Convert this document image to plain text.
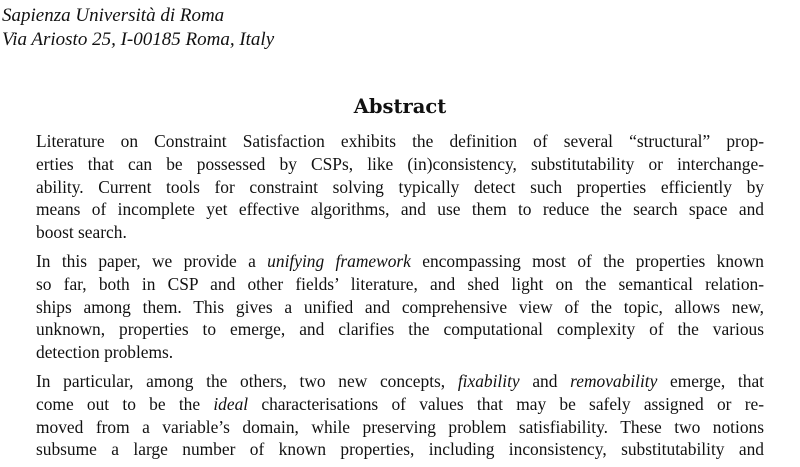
Sapienza Università di Roma
Via Ariosto 25, I-00185 Roma, Italy
Abstract
Literature on Constraint Satisfaction exhibits the definition of several “structural” prop-
erties that can be possessed by CSPs, like (in)consistency, substitutability or interchange-
ability. Current tools for constraint solving typically detect such properties efficiently by
means of incomplete yet effective algorithms, and use them to reduce the search space and
boost search.
In this paper, we provide a unifying framework encompassing most of the properties known
so far, both in CSP and other fields’ literature, and shed light on the semantical relation-
ships among them. This gives a unified and comprehensive view of the topic, allows new,
unknown, properties to emerge, and clarifies the computational complexity of the various
detection problems.
In particular, among the others, two new concepts, fixability and removability emerge, that
come out to be the ideal characterisations of values that may be safely assigned or re-
moved from a variable’s domain, while preserving problem satisfiability. These two notions
subsume a large number of known properties, including inconsistency, substitutability and
